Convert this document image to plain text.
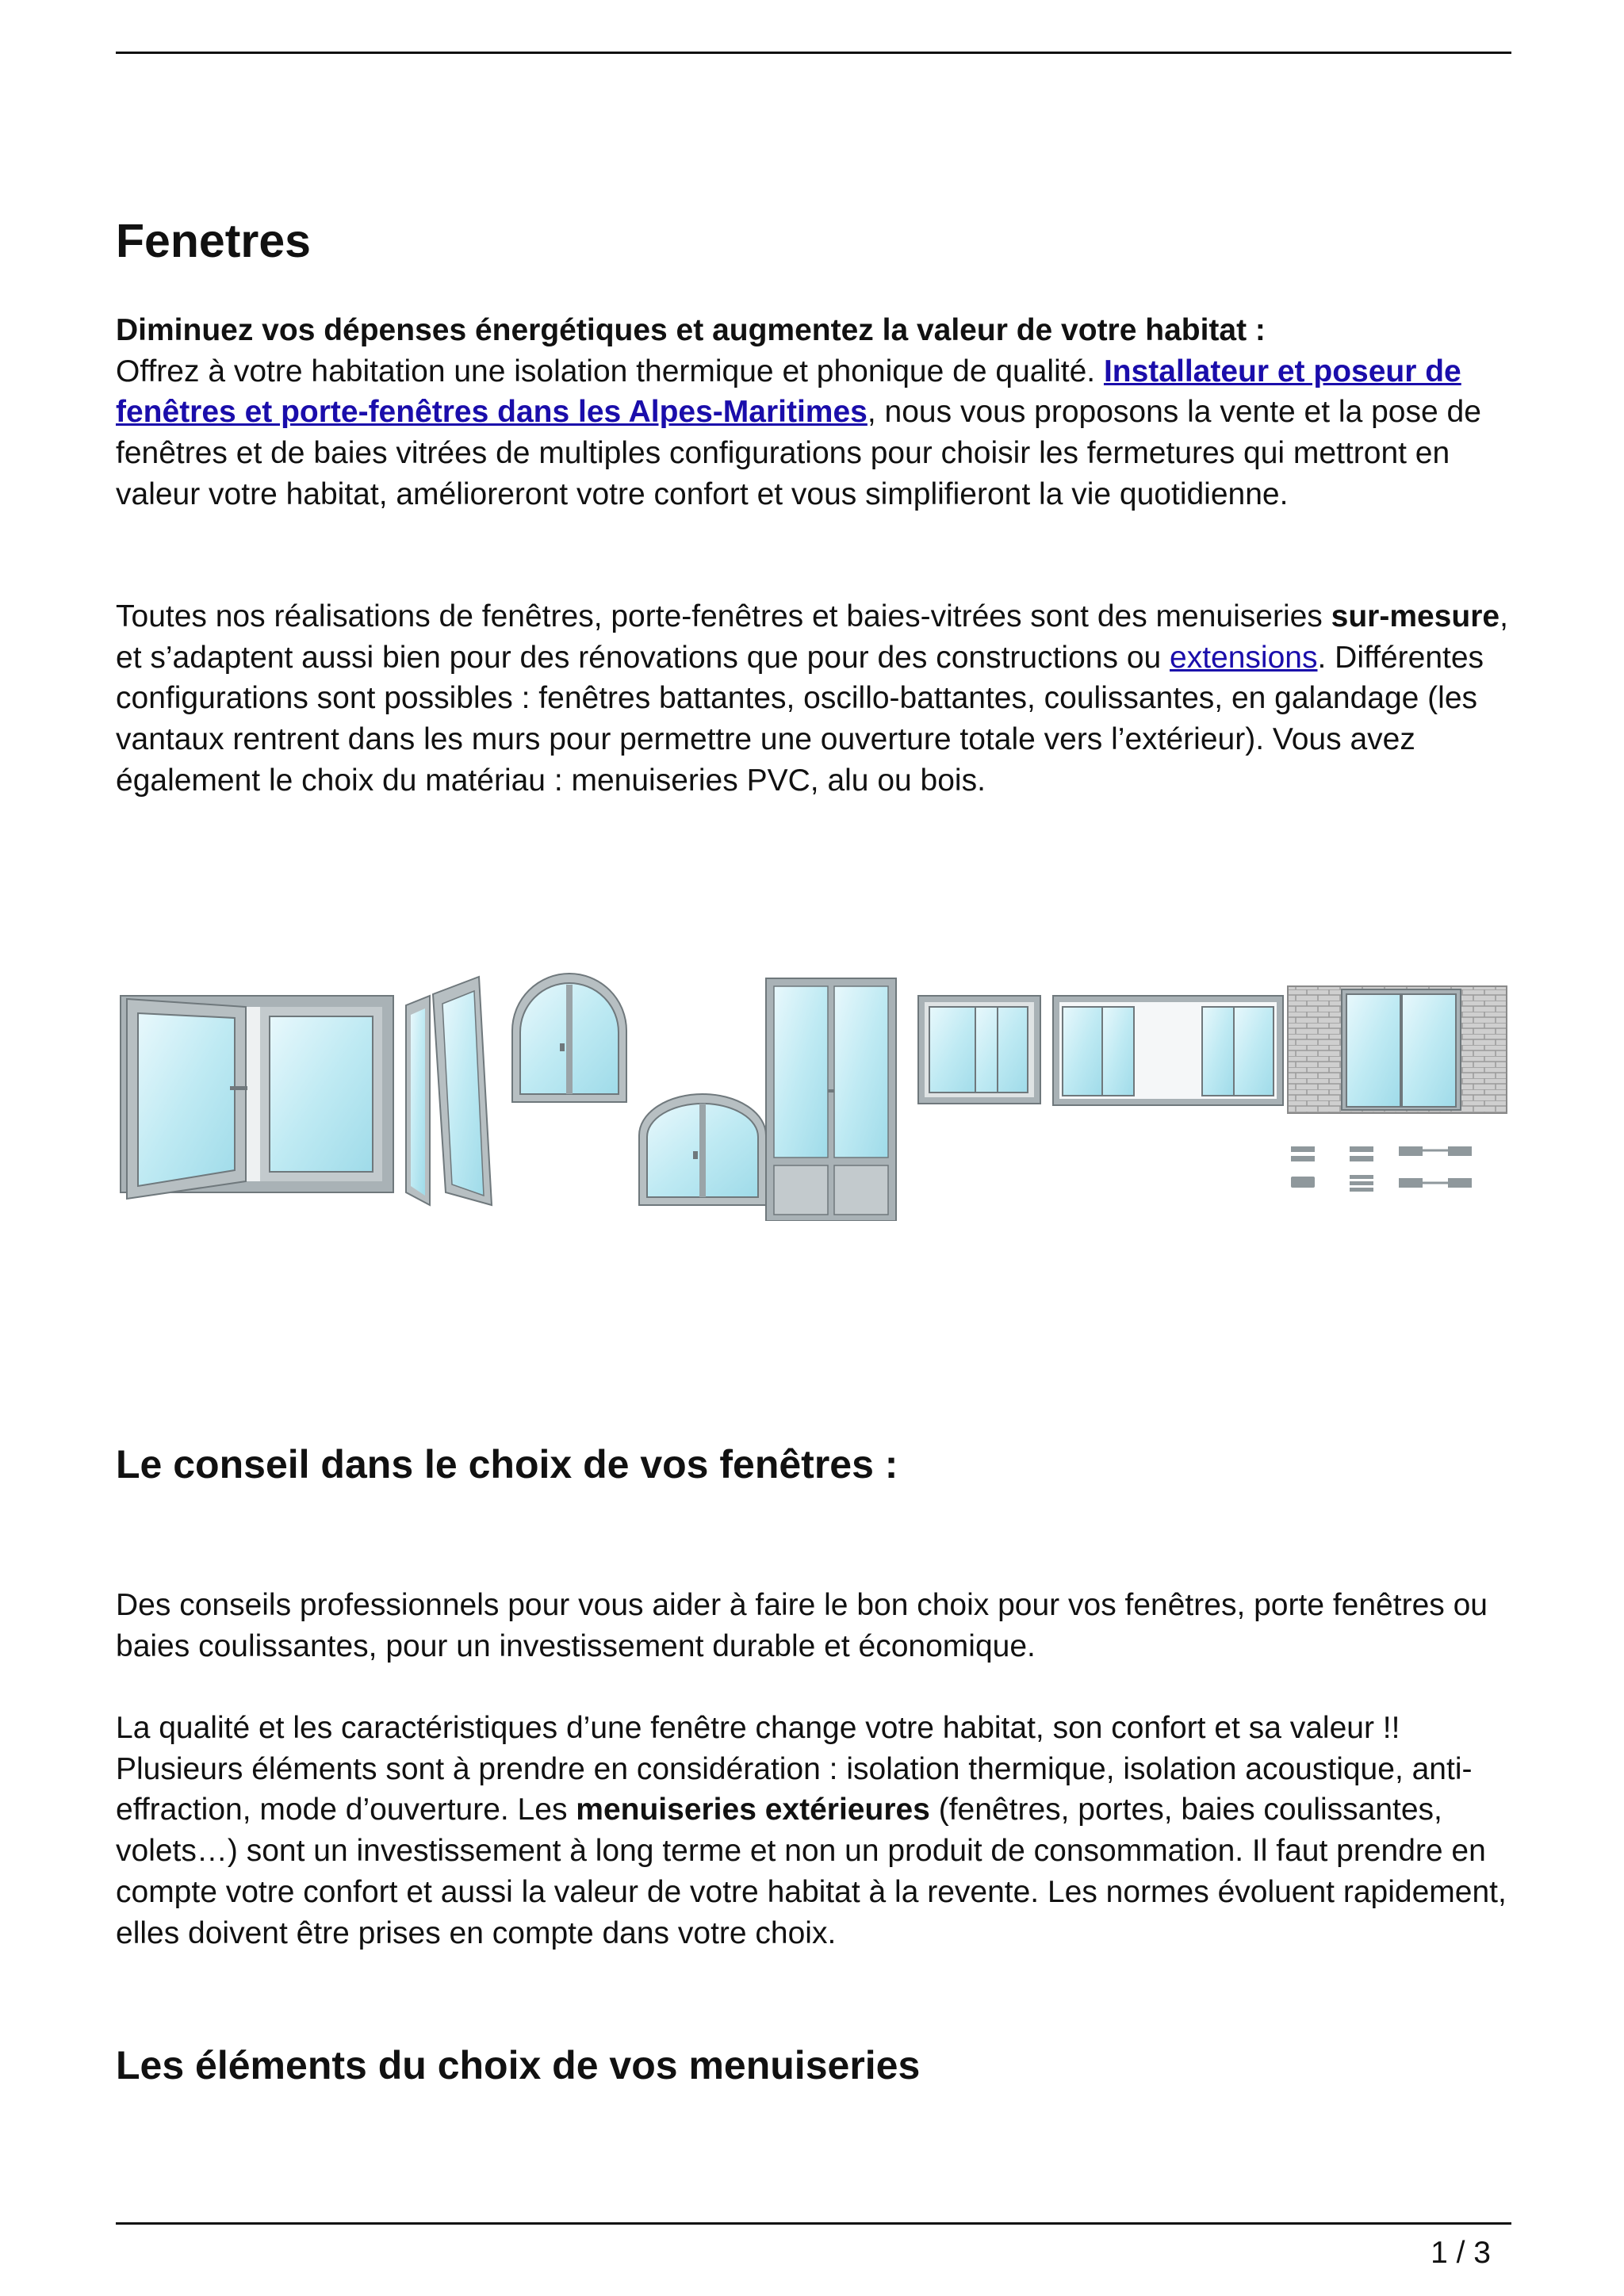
Fenetres

Diminuez vos dépenses énergétiques et augmentez la valeur de votre habitat :
Offrez à votre habitation une isolation thermique et phonique de qualité. Installateur et poseur de fenêtres et porte-fenêtres dans les Alpes-Maritimes, nous vous proposons la vente et la pose de fenêtres et de baies vitrées de multiples configurations pour choisir les fermetures qui mettront en valeur votre habitat, amélioreront votre confort et vous simplifieront la vie quotidienne.

Toutes nos réalisations de fenêtres, porte-fenêtres et baies-vitrées sont des menuiseries sur-mesure, et s’adaptent aussi bien pour des rénovations que pour des constructions ou extensions. Différentes configurations sont possibles : fenêtres battantes, oscillo-battantes, coulissantes, en galandage (les vantaux rentrent dans les murs pour permettre une ouverture totale vers l’extérieur). Vous avez également le choix du matériau : menuiseries PVC, alu ou bois.

Le conseil dans le choix de vos fenêtres :

Des conseils professionnels pour vous aider à faire le bon choix pour vos fenêtres, porte fenêtres ou baies coulissantes, pour un investissement durable et économique.

La qualité et les caractéristiques d’une fenêtre change votre habitat, son confort et sa valeur !! Plusieurs éléments sont à prendre en considération : isolation thermique, isolation acoustique, anti-effraction, mode d’ouverture. Les menuiseries extérieures (fenêtres, portes, baies coulissantes, volets…) sont un investissement à long terme et non un produit de consommation. Il faut prendre en compte votre confort et aussi la valeur de votre habitat à la revente. Les normes évoluent rapidement, elles doivent être prises en compte dans votre choix.

Les éléments du choix de vos menuiseries
1 / 3
